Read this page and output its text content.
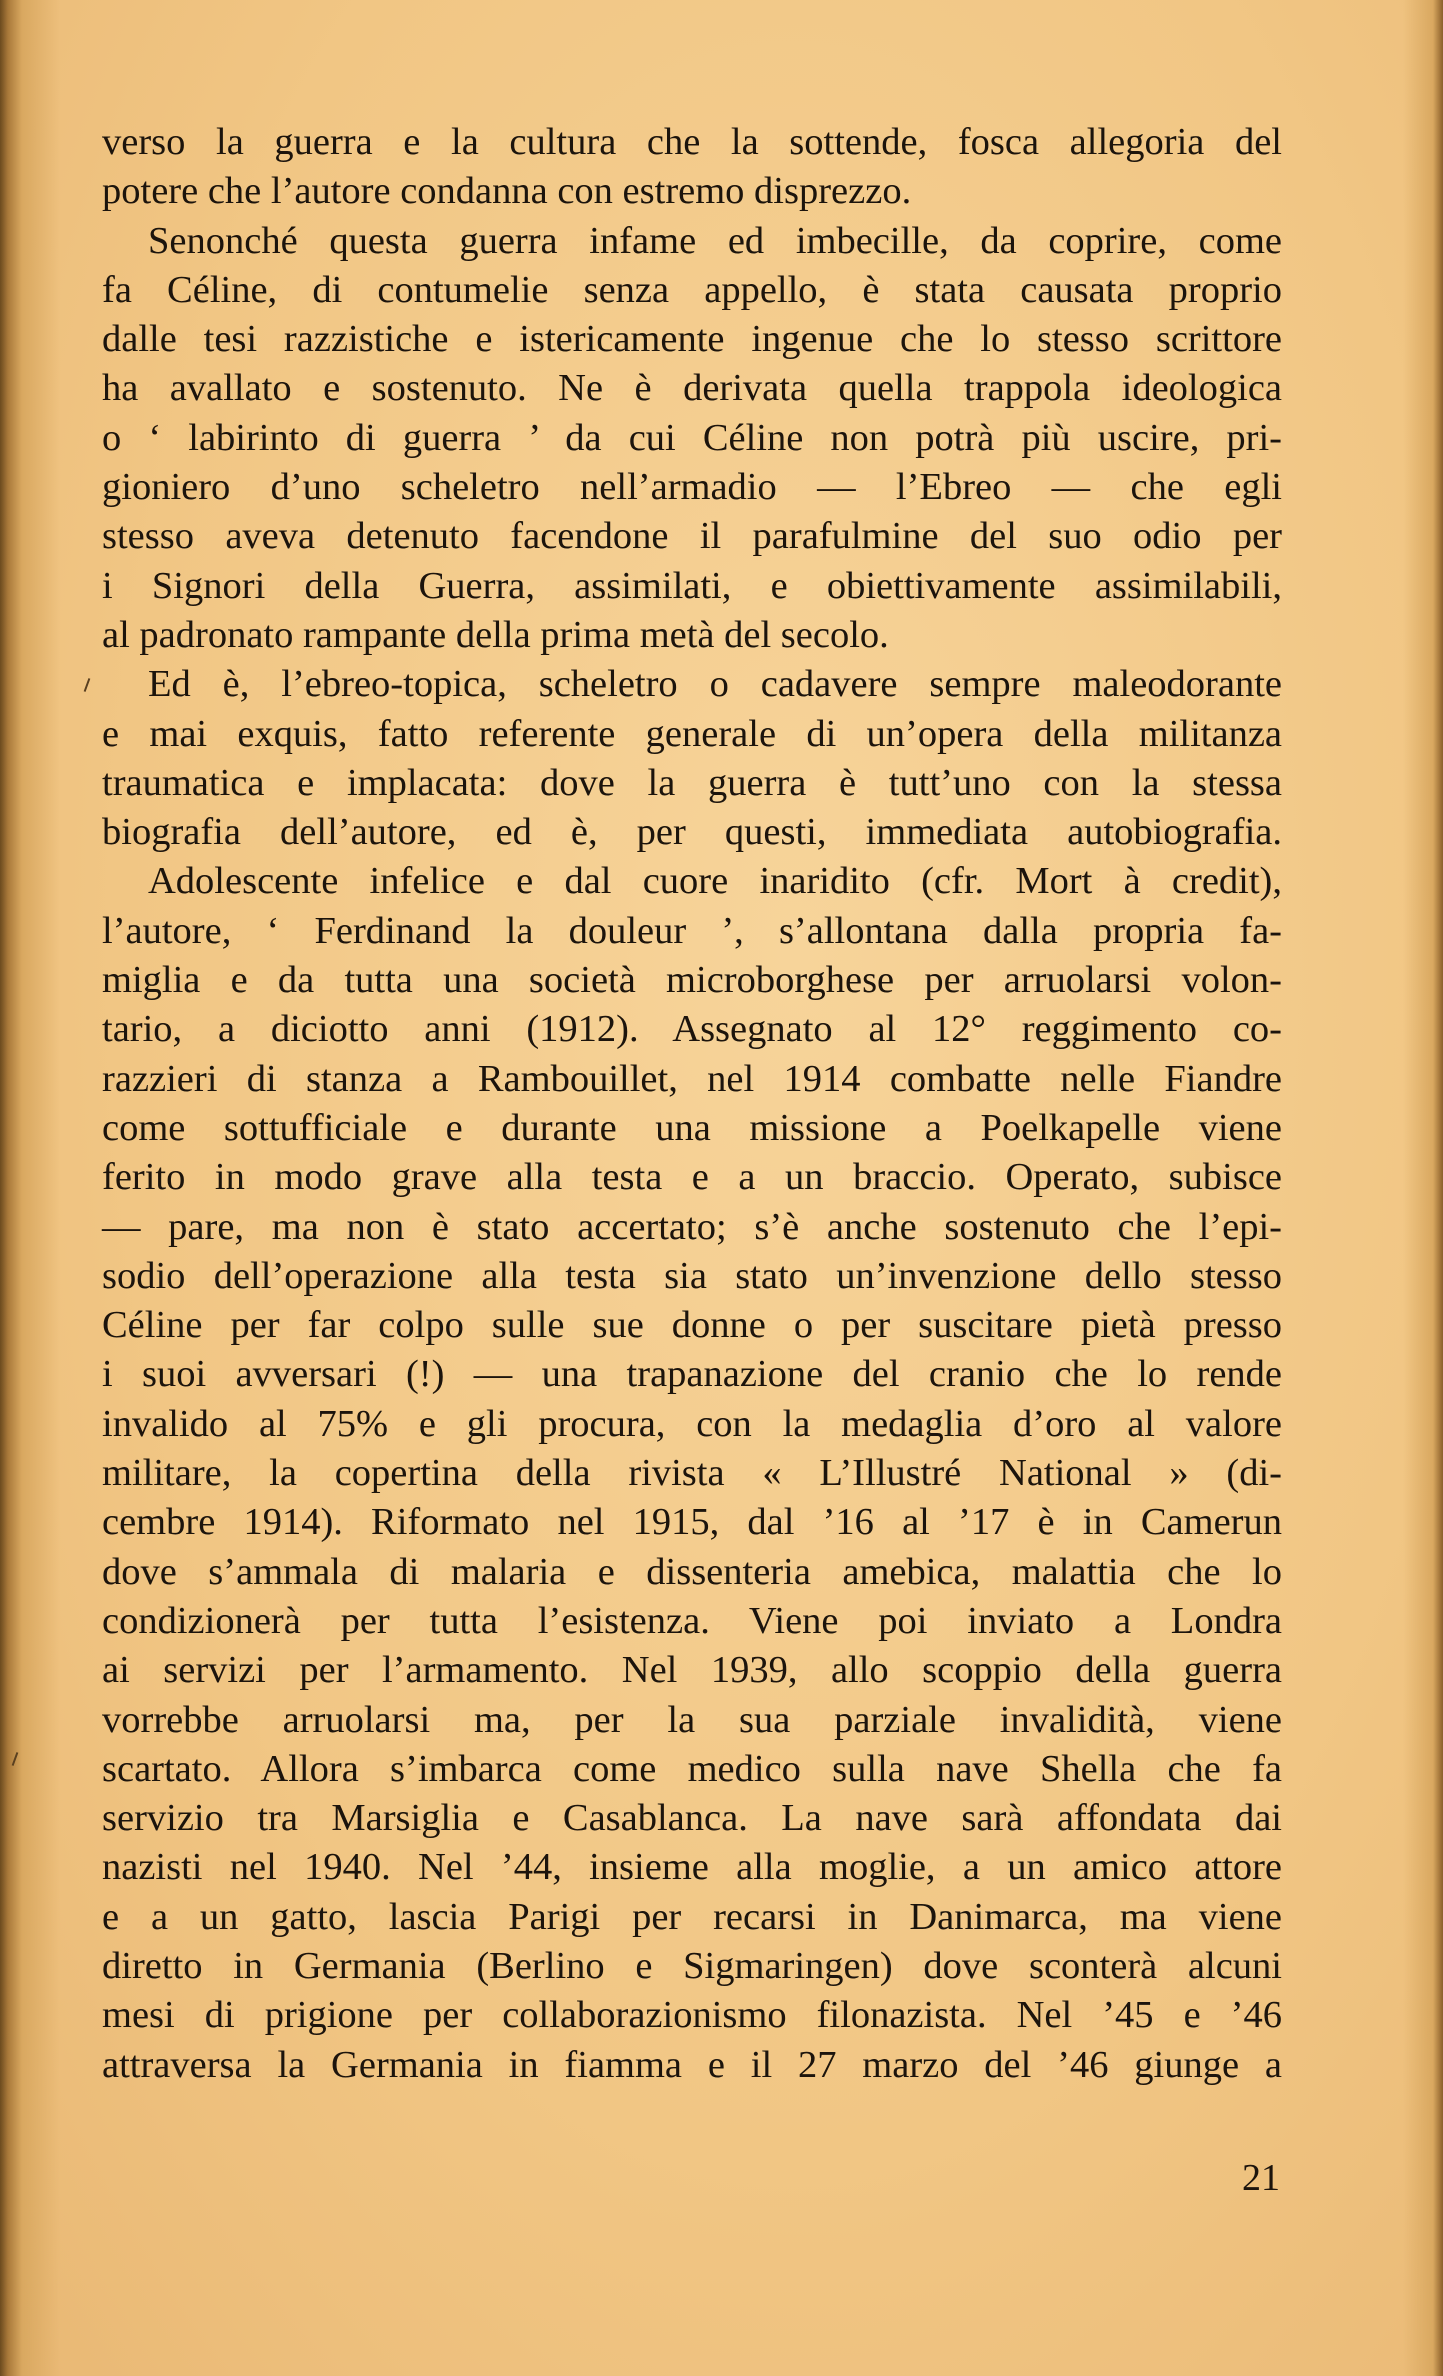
verso la guerra e la cultura che la sottende, fosca allegoria del
potere che l’autore condanna con estremo disprezzo.
Senonché questa guerra infame ed imbecille, da coprire, come
fa Céline, di contumelie senza appello, è stata causata proprio
dalle tesi razzistiche e istericamente ingenue che lo stesso scrittore
ha avallato e sostenuto. Ne è derivata quella trappola ideologica
o ‘ labirinto di guerra ’ da cui Céline non potrà più uscire, pri-
gioniero d’uno scheletro nell’armadio — l’Ebreo — che egli
stesso aveva detenuto facendone il parafulmine del suo odio per
i Signori della Guerra, assimilati, e obiettivamente assimilabili,
al padronato rampante della prima metà del secolo.
Ed è, l’ebreo-topica, scheletro o cadavere sempre maleodorante
e mai exquis, fatto referente generale di un’opera della militanza
traumatica e implacata: dove la guerra è tutt’uno con la stessa
biografia dell’autore, ed è, per questi, immediata autobiografia.
Adolescente infelice e dal cuore inaridito (cfr. Mort à credit),
l’autore, ‘ Ferdinand la douleur ’, s’allontana dalla propria fa-
miglia e da tutta una società microborghese per arruolarsi volon-
tario, a diciotto anni (1912). Assegnato al 12° reggimento co-
razzieri di stanza a Rambouillet, nel 1914 combatte nelle Fiandre
come sottufficiale e durante una missione a Poelkapelle viene
ferito in modo grave alla testa e a un braccio. Operato, subisce
— pare, ma non è stato accertato; s’è anche sostenuto che l’epi-
sodio dell’operazione alla testa sia stato un’invenzione dello stesso
Céline per far colpo sulle sue donne o per suscitare pietà presso
i suoi avversari (!) — una trapanazione del cranio che lo rende
invalido al 75% e gli procura, con la medaglia d’oro al valore
militare, la copertina della rivista « L’Illustré National » (di-
cembre 1914). Riformato nel 1915, dal ’16 al ’17 è in Camerun
dove s’ammala di malaria e dissenteria amebica, malattia che lo
condizionerà per tutta l’esistenza. Viene poi inviato a Londra
ai servizi per l’armamento. Nel 1939, allo scoppio della guerra
vorrebbe arruolarsi ma, per la sua parziale invalidità, viene
scartato. Allora s’imbarca come medico sulla nave Shella che fa
servizio tra Marsiglia e Casablanca. La nave sarà affondata dai
nazisti nel 1940. Nel ’44, insieme alla moglie, a un amico attore
e a un gatto, lascia Parigi per recarsi in Danimarca, ma viene
diretto in Germania (Berlino e Sigmaringen) dove sconterà alcuni
mesi di prigione per collaborazionismo filonazista. Nel ’45 e ’46
attraversa la Germania in fiamma e il 27 marzo del ’46 giunge a
21
